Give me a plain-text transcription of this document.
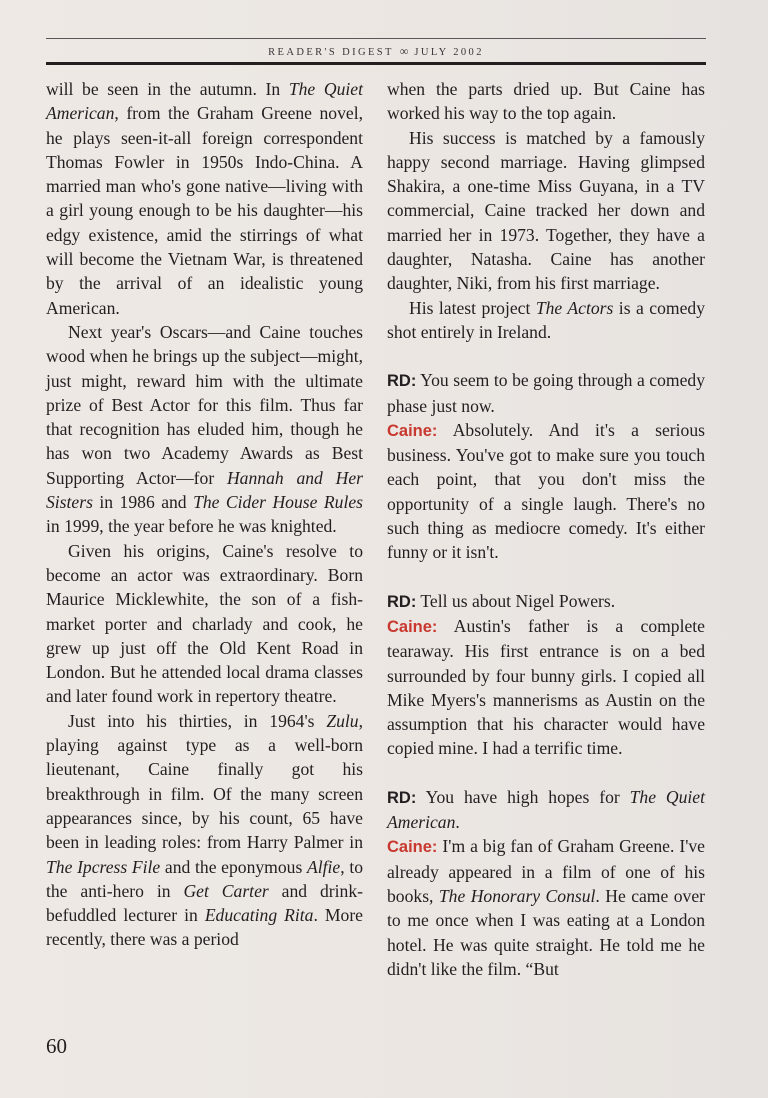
READER'S DIGEST ∞ JULY 2002

will be seen in the autumn. In The Quiet American, from the Graham Greene novel, he plays seen-it-all foreign correspondent Thomas Fowler in 1950s Indo-China. A married man who's gone native—living with a girl young enough to be his daughter—his edgy existence, amid the stirrings of what will become the Vietnam War, is threatened by the arrival of an idealistic young American.

Next year's Oscars—and Caine touches wood when he brings up the subject—might, just might, reward him with the ultimate prize of Best Actor for this film. Thus far that recognition has eluded him, though he has won two Academy Awards as Best Supporting Actor—for Hannah and Her Sisters in 1986 and The Cider House Rules in 1999, the year before he was knighted.

Given his origins, Caine's resolve to become an actor was extraordinary. Born Maurice Micklewhite, the son of a fish-market porter and charlady and cook, he grew up just off the Old Kent Road in London. But he attended local drama classes and later found work in repertory theatre.

Just into his thirties, in 1964's Zulu, playing against type as a well-born lieutenant, Caine finally got his breakthrough in film. Of the many screen appearances since, by his count, 65 have been in leading roles: from Harry Palmer in The Ipcress File and the eponymous Alfie, to the anti-hero in Get Carter and drink-befuddled lecturer in Educating Rita. More recently, there was a period

when the parts dried up. But Caine has worked his way to the top again.

His success is matched by a famously happy second marriage. Having glimpsed Shakira, a one-time Miss Guyana, in a TV commercial, Caine tracked her down and married her in 1973. Together, they have a daughter, Natasha. Caine has another daughter, Niki, from his first marriage.

His latest project The Actors is a comedy shot entirely in Ireland.

RD: You seem to be going through a comedy phase just now.

Caine: Absolutely. And it's a serious business. You've got to make sure you touch each point, that you don't miss the opportunity of a single laugh. There's no such thing as mediocre comedy. It's either funny or it isn't.

RD: Tell us about Nigel Powers.

Caine: Austin's father is a complete tearaway. His first entrance is on a bed surrounded by four bunny girls. I copied all Mike Myers's mannerisms as Austin on the assumption that his character would have copied mine. I had a terrific time.

RD: You have high hopes for The Quiet American.

Caine: I'm a big fan of Graham Greene. I've already appeared in a film of one of his books, The Honorary Consul. He came over to me once when I was eating at a London hotel. He was quite straight. He told me he didn't like the film. “But

60
